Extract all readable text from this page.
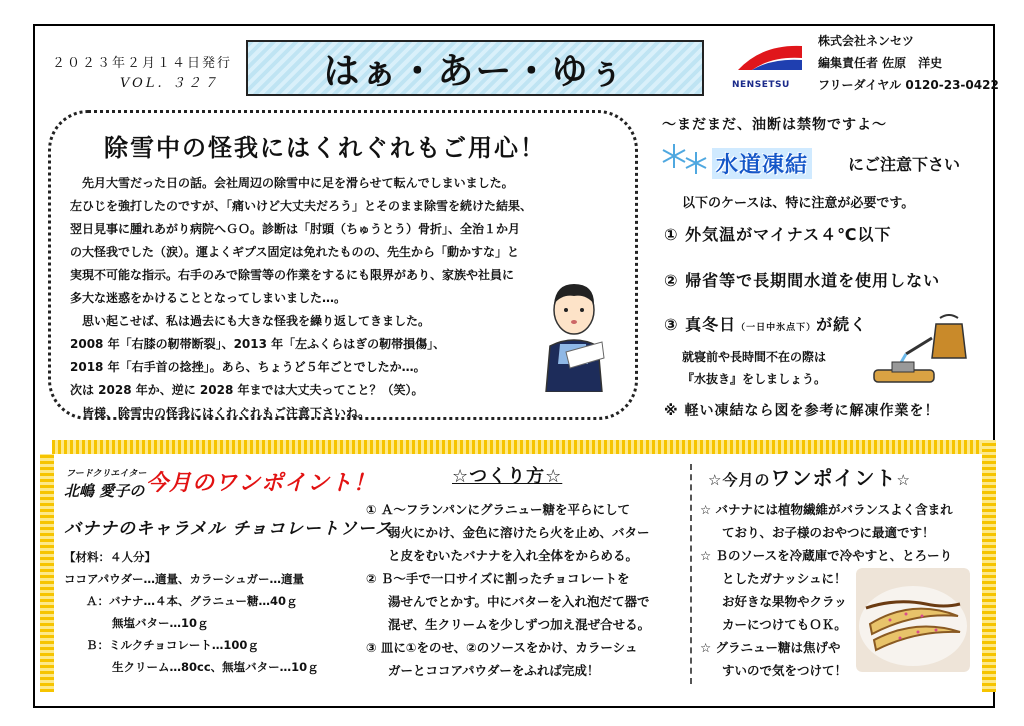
２０２３年２月１４日発行
VOL. ３２７	はぁ・あー・ゆぅ	NENSETSU
株式会社ネンセツ
編集責任者 佐原　洋史
フリーダイヤル 0120-23-0422
除雪中の怪我にはくれぐれもご用心！

　先月大雪だった日の話。会社周辺の除雪中に足を滑らせて転んでしまいました。

左ひじを強打したのですが、「痛いけど大丈夫だろう」とそのまま除雪を続けた結果、

翌日見事に腫れあがり病院へＧＯ。診断は「肘頭（ちゅうとう）骨折」、全治１か月

の大怪我でした（涙）。運よくギプス固定は免れたものの、先生から「動かすな」と

実現不可能な指示。右手のみで除雪等の作業をするにも限界があり、家族や社員に

多大な迷惑をかけることとなってしまいました…。

　思い起こせば、私は過去にも大きな怪我を繰り返してきました。

2008 年「右膝の靭帯断裂」、2013 年「左ふくらはぎの靭帯損傷」、

2018 年「右手首の捻挫」。あら、ちょうど５年ごとでしたか…。

次は 2028 年か、逆に 2028 年までは大丈夫ってこと？（笑）。

　皆様、除雪中の怪我にはくれぐれもご注意下さいね。

～まだまだ、油断は禁物ですよ～
水道凍結 にご注意下さい
以下のケースは、特に注意が必要です。
① 外気温がマイナス４℃以下
② 帰省等で長期間水道を使用しない
③ 真冬日（一日中氷点下）が続く
就寝前や長時間不在の際は
『水抜き』をしましょう。
※ 軽い凍結なら図を参考に解凍作業を！
フードクリエイター
北嶋 愛子の 今月のワンポイント！
バナナのキャラメル チョコレートソース
【材料：４人分】
ココアパウダー…適量、カラーシュガー…適量
Ａ：バナナ…４本、グラニュー糖…40ｇ
無塩バター…10ｇ
Ｂ：ミルクチョコレート…100ｇ
生クリーム…80cc、無塩バター…10ｇ
☆つくり方☆
① Ａ～フランパンにグラニュー糖を平らにして
弱火にかけ、金色に溶けたら火を止め、バター
と皮をむいたバナナを入れ全体をからめる。
② Ｂ～手で一口サイズに割ったチョコレートを
湯せんでとかす。中にバターを入れ泡だて器で
混ぜ、生クリームを少しずつ加え混ぜ合せる。
③ 皿に①をのせ、②のソースをかけ、カラーシュ
ガーとココアパウダーをふれば完成！
☆今月のワンポイント☆
☆ バナナには植物繊維がバランスよく含まれ
ており、お子様のおやつに最適です！
☆ Ｂのソースを冷蔵庫で冷やすと、とろーり
としたガナッシュに！
お好きな果物やクラッ
カーにつけてもＯＫ。
☆ グラニュー糖は焦げや
すいので気をつけて！
